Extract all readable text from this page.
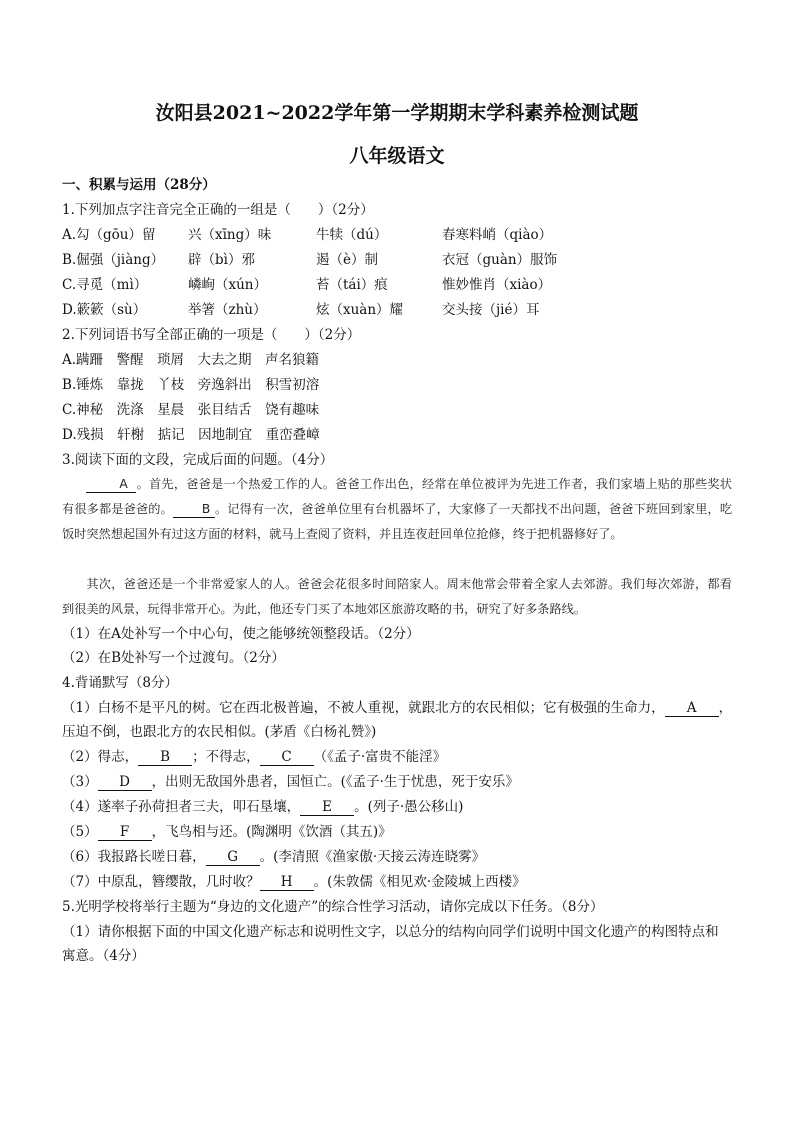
汝阳县2021~2022学年第一学期期末学科素养检测试题
八年级语文
一、积累与运用（28分）
1.下列加点字注音完全正确的一组是（　　）（2分）
A.勾（gōu）留 兴（xīng）味	牛犊（dú）	春寒料峭（qiào）
B.倔强（jiàng） 辟（bì）邪	遏（è）制	衣冠（guàn）服饰
C.寻觅（mì）	嶙峋（xún）	苔（tái）痕	惟妙惟肖（xiào）
D.簌簌（sù）	举箸（zhù）	炫（xuàn）耀	交头接（jié）耳
2.下列词语书写全部正确的一项是（　　）（2分）
A.蹒跚　警醒　琐屑　大去之期　声名狼籍
B.锤炼　靠拢　丫枝　旁逸斜出　积雪初溶
C.神秘　洗涤　星晨　张目结舌　饶有趣味
D.残损　轩榭　掂记　因地制宜　重峦叠嶂
3.阅读下面的文段，完成后面的问题。（4分）
A 。首先，爸爸是一个热爱工作的人。爸爸工作出色，经常在单位被评为先进工作者，我们家墙上贴的那些奖状有很多都是爸爸的。 B 。记得有一次，爸爸单位里有台机器坏了，大家修了一天都找不出问题，爸爸下班回到家里，吃饭时突然想起国外有过这方面的材料，就马上查阅了资料，并且连夜赶回单位抢修，终于把机器修好了。
其次，爸爸还是一个非常爱家人的人。爸爸会花很多时间陪家人。周末他常会带着全家人去郊游。我们每次郊游，都看到很美的风景，玩得非常开心。为此，他还专门买了本地郊区旅游攻略的书，研究了好多条路线。
（1）在A处补写一个中心句，使之能够统领整段话。（2分）
（2）在B处补写一个过渡句。（2分）
4.背诵默写（8分）
（1）白杨不是平凡的树。它在西北极普遍，不被人重视，就跟北方的农民相似；它有极强的生命力， A ，
压迫不倒，也跟北方的农民相似。(茅盾《白杨礼赞》)
（2）得志， B ；不得志， C （《孟子·富贵不能淫》
（3） D ，出则无敌国外患者，国恒亡。(《孟子·生于忧患，死于安乐》
（4）遂率子孙荷担者三夫，叩石垦壤， E 。(列子·愚公移山)
（5） F ，飞鸟相与还。(陶渊明《饮酒（其五)》
（6）我报路长嗟日暮， G 。(李清照《渔家傲·天接云涛连晓雾》
（7）中原乱，簪缨散，几时收？ H 。(朱敦儒《相见欢·金陵城上西楼》
5.光明学校将举行主题为“身边的文化遗产”的综合性学习活动，请你完成以下任务。（8分）
（1）请你根据下面的中国文化遗产标志和说明性文字，以总分的结构向同学们说明中国文化遗产的构图特点和寓意。（4分）
